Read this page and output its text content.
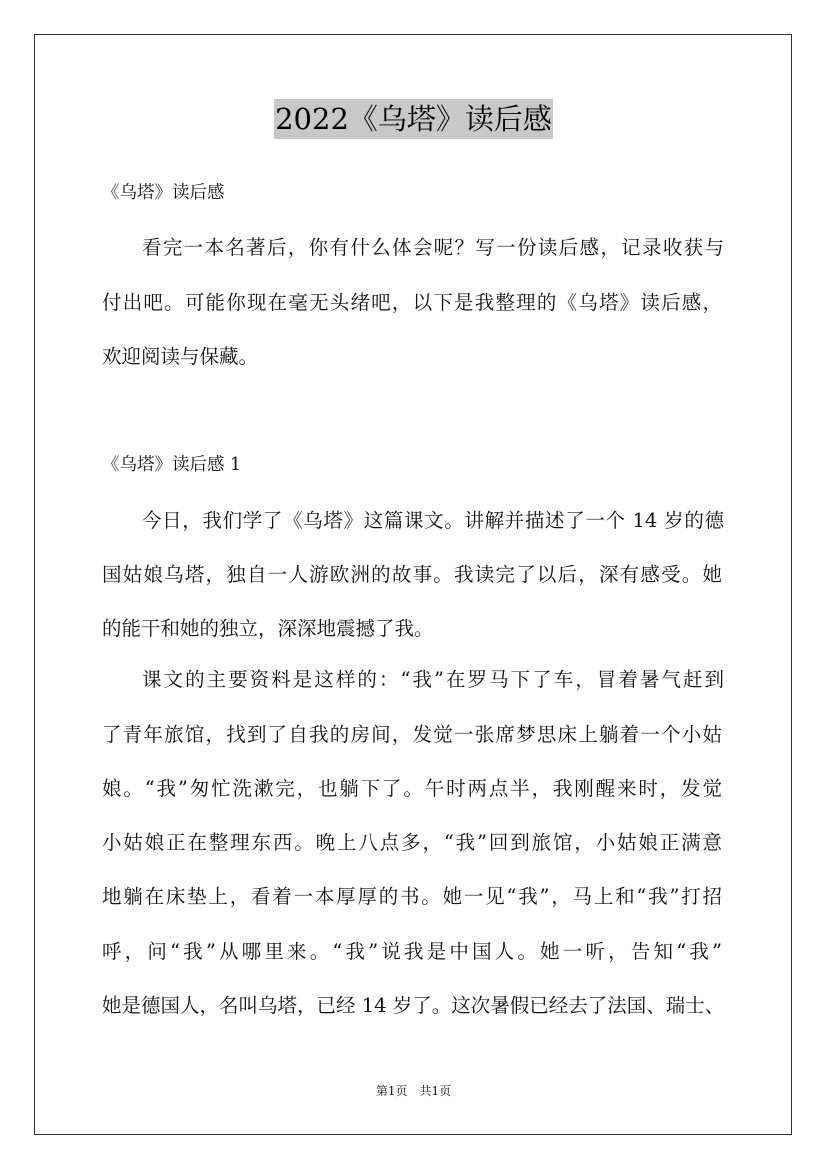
2022《乌塔》读后感
《乌塔》读后感
看完一本名著后，你有什么体会呢？写一份读后感，记录收获与
付出吧。可能你现在毫无头绪吧，以下是我整理的《乌塔》读后感，
欢迎阅读与保藏。
《乌塔》读后感 1
今日，我们学了《乌塔》这篇课文。讲解并描述了一个 14 岁的德
国姑娘乌塔，独自一人游欧洲的故事。我读完了以后，深有感受。她
的能干和她的独立，深深地震撼了我。
课文的主要资料是这样的：“我”在罗马下了车，冒着暑气赶到
了青年旅馆，找到了自我的房间，发觉一张席梦思床上躺着一个小姑
娘。“我”匆忙洗漱完，也躺下了。午时两点半，我刚醒来时，发觉
小姑娘正在整理东西。晚上八点多，“我”回到旅馆，小姑娘正满意
地躺在床垫上，看着一本厚厚的书。她一见“我”，马上和“我”打招
呼，问“我”从哪里来。“我”说我是中国人。她一听，告知“我”
她是德国人，名叫乌塔，已经 14 岁了。这次暑假已经去了法国、瑞士、
第1页　共1页
